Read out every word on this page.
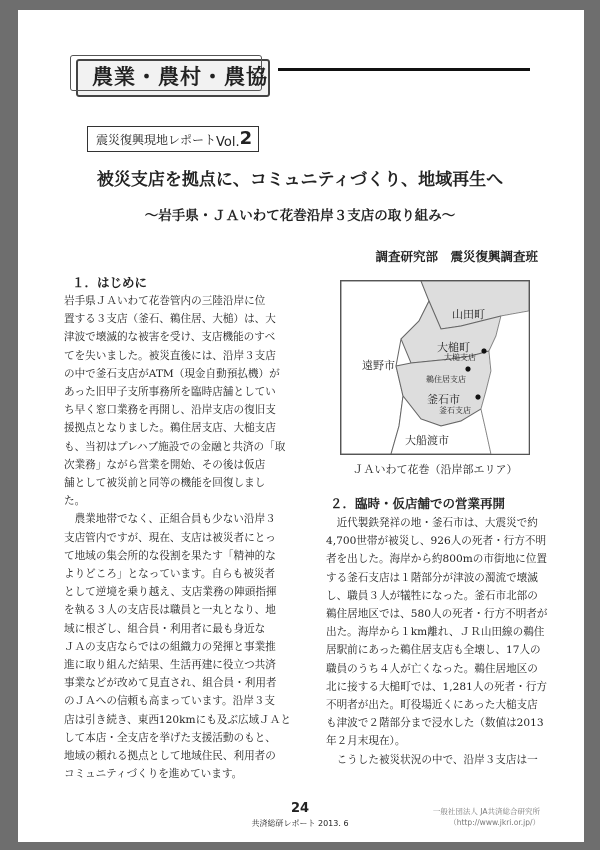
農業・農村・農協
震災復興現地レポート Vol.2
被災支店を拠点に、コミュニティづくり、地域再生へ
〜岩手県・ＪＡいわて花巻沿岸３支店の取り組み〜
調査研究部　震災復興調査班
１．はじめに

岩手県ＪＡいわて花巻管内の三陸沿岸に位

置する３支店（釜石、鵜住居、大槌）は、大

津波で壊滅的な被害を受け、支店機能のすべ

てを失いました。被災直後には、沿岸３支店

の中で釜石支店がATM（現金自動預払機）が

あった旧甲子支所事務所を臨時店舗としてい

ち早く窓口業務を再開し、沿岸支店の復旧支

援拠点となりました。鵜住居支店、大槌支店

も、当初はプレハブ施設での金融と共済の「取

次業務」ながら営業を開始、その後は仮店

舗として被災前と同等の機能を回復しまし

た。

　農業地帯でなく、正組合員も少ない沿岸３

支店管内ですが、現在、支店は被災者にとっ

て地域の集会所的な役割を果たす「精神的な

よりどころ」となっています。自らも被災者

として逆境を乗り越え、支店業務の陣頭指揮

を執る３人の支店長は職員と一丸となり、地

域に根ざし、組合員・利用者に最も身近な

ＪＡの支店ならではの組織力の発揮と事業推

進に取り組んだ結果、生活再建に役立つ共済

事業などが改めて見直され、組合員・利用者

のＪＡへの信頼も高まっています。沿岸３支

店は引き続き、東西120kmにも及ぶ広域ＪＡと

して本店・全支店を挙げた支援活動のもと、

地域の頼れる拠点として地域住民、利用者の

コミュニティづくりを進めています。

山田町
遠野市
大槌町
大槌支店
鵜住居支店
釜石市
釜石支店
大船渡市
ＪＡいわて花巻（沿岸部エリア）
２．臨時・仮店舗での営業再開

　近代製鉄発祥の地・釜石市は、大震災で約

4,700世帯が被災し、926人の死者・行方不明

者を出した。海岸から約800mの市街地に位置

する釜石支店は１階部分が津波の濁流で壊滅

し、職員３人が犠牲になった。釜石市北部の

鵜住居地区では、580人の死者・行方不明者が

出た。海岸から１km離れ、ＪＲ山田線の鵜住

居駅前にあった鵜住居支店も全壊し、17人の

職員のうち４人が亡くなった。鵜住居地区の

北に接する大槌町では、1,281人の死者・行方

不明者が出た。町役場近くにあった大槌支店

も津波で２階部分まで浸水した（数値は2013

年２月末現在）。

　こうした被災状況の中で、沿岸３支店は一

24
共済総研レポート 2013. 6
一般社団法人 JA共済総合研究所
（http://www.jkri.or.jp/）
